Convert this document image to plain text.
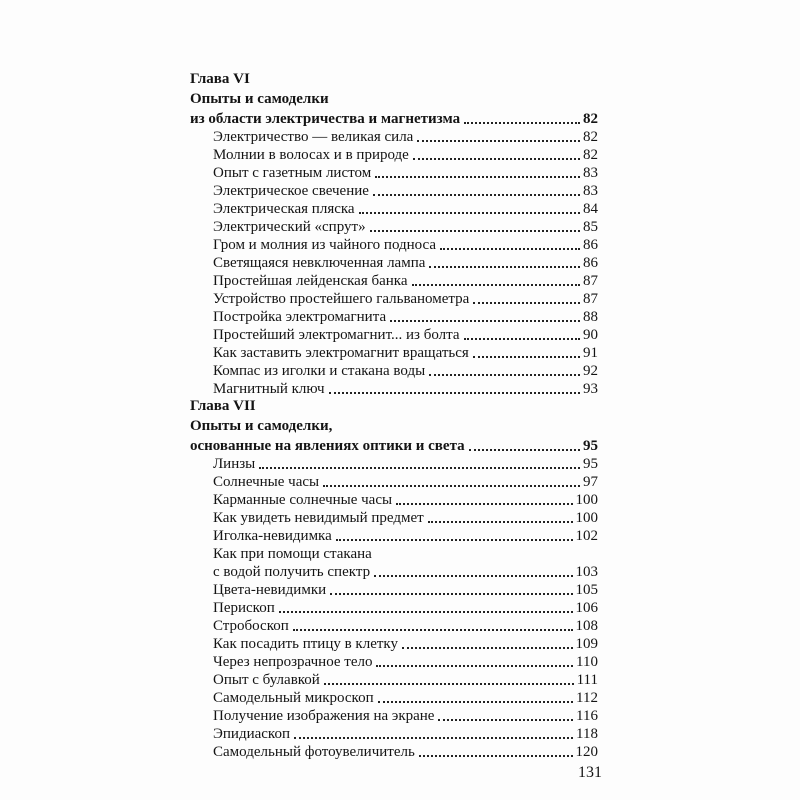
Глава VI
Опыты и самоделки
из области электричества и магнетизма	82
Электричество — великая сила	82
Молнии в волосах и в природе	82
Опыт с газетным листом	83
Электрическое свечение	83
Электрическая пляска	84
Электрический «спрут»	85
Гром и молния из чайного подноса	86
Светящаяся невключенная лампа	86
Простейшая лейденская банка	87
Устройство простейшего гальванометра	87
Постройка электромагнита	88
Простейший электромагнит... из болта	90
Как заставить электромагнит вращаться	91
Компас из иголки и стакана воды	92
Магнитный ключ	93
Глава VII
Опыты и самоделки,
основанные на явлениях оптики и света	95
Линзы	95
Солнечные часы	97
Карманные солнечные часы	100
Как увидеть невидимый предмет	100
Иголка-невидимка	102
Как при помощи стакана
с водой получить спектр	103
Цвета-невидимки	105
Перископ	106
Стробоскоп	108
Как посадить птицу в клетку	109
Через непрозрачное тело	110
Опыт с булавкой	111
Самодельный микроскоп	112
Получение изображения на экране	116
Эпидиаскоп	118
Самодельный фотоувеличитель	120
131
